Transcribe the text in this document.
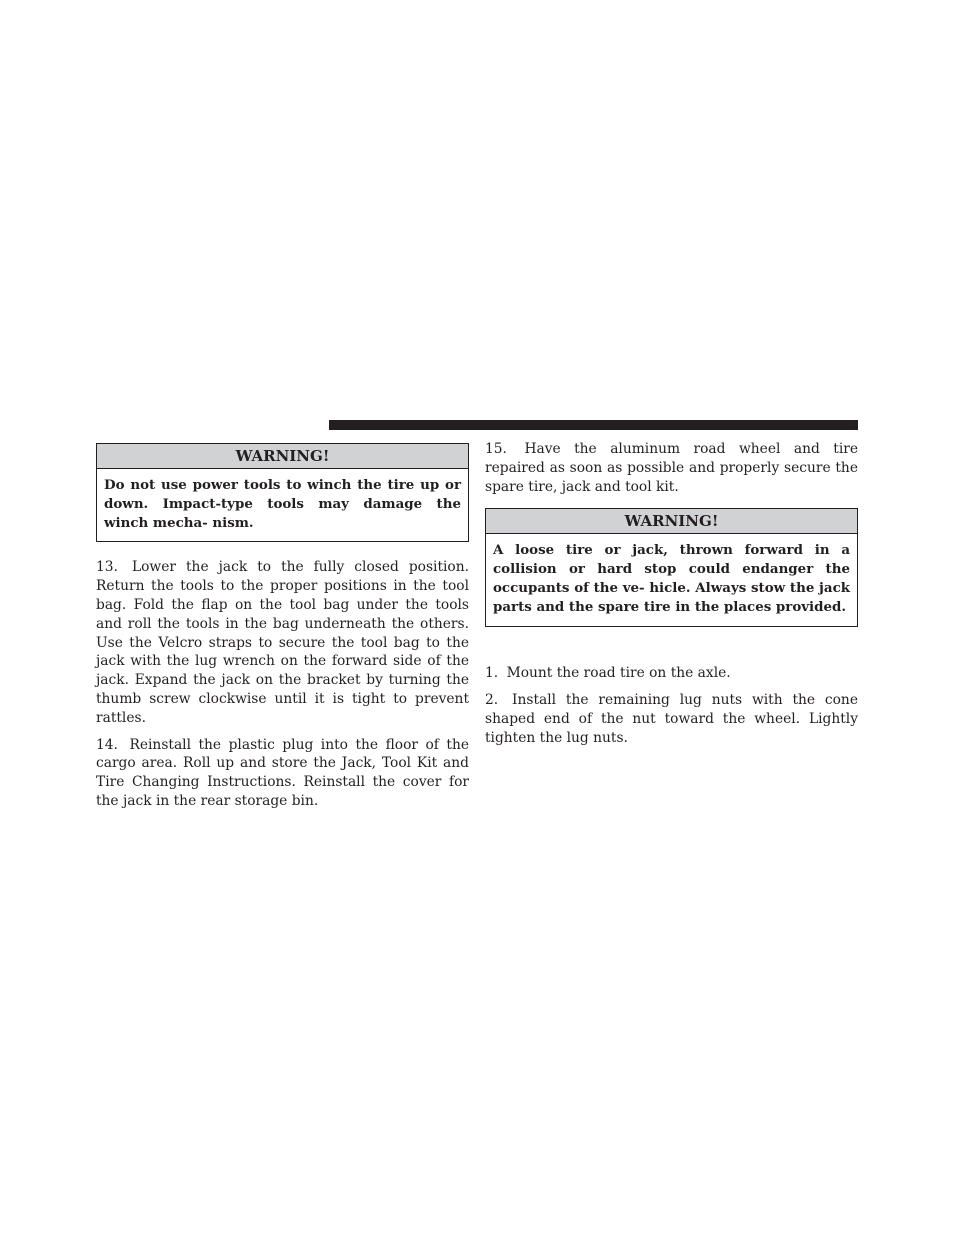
WARNING!
Do not use power tools to winch the tire up or down. Impact-type tools may damage the winch mecha- nism.

13. Lower the jack to the fully closed position. Return the tools to the proper positions in the tool bag. Fold the flap on the tool bag under the tools and roll the tools in the bag underneath the others. Use the Velcro straps to secure the tool bag to the jack with the lug wrench on the forward side of the jack. Expand the jack on the bracket by turning the thumb screw clockwise until it is tight to prevent rattles.

14. Reinstall the plastic plug into the floor of the cargo area. Roll up and store the Jack, Tool Kit and Tire Changing Instructions. Reinstall the cover for the jack in the rear storage bin.

15. Have the aluminum road wheel and tire repaired as soon as possible and properly secure the spare tire, jack and tool kit.

WARNING!
A loose tire or jack, thrown forward in a collision or hard stop could endanger the occupants of the ve- hicle. Always stow the jack parts and the spare tire in the places provided.

1. Mount the road tire on the axle.

2. Install the remaining lug nuts with the cone shaped end of the nut toward the wheel. Lightly tighten the lug nuts.
